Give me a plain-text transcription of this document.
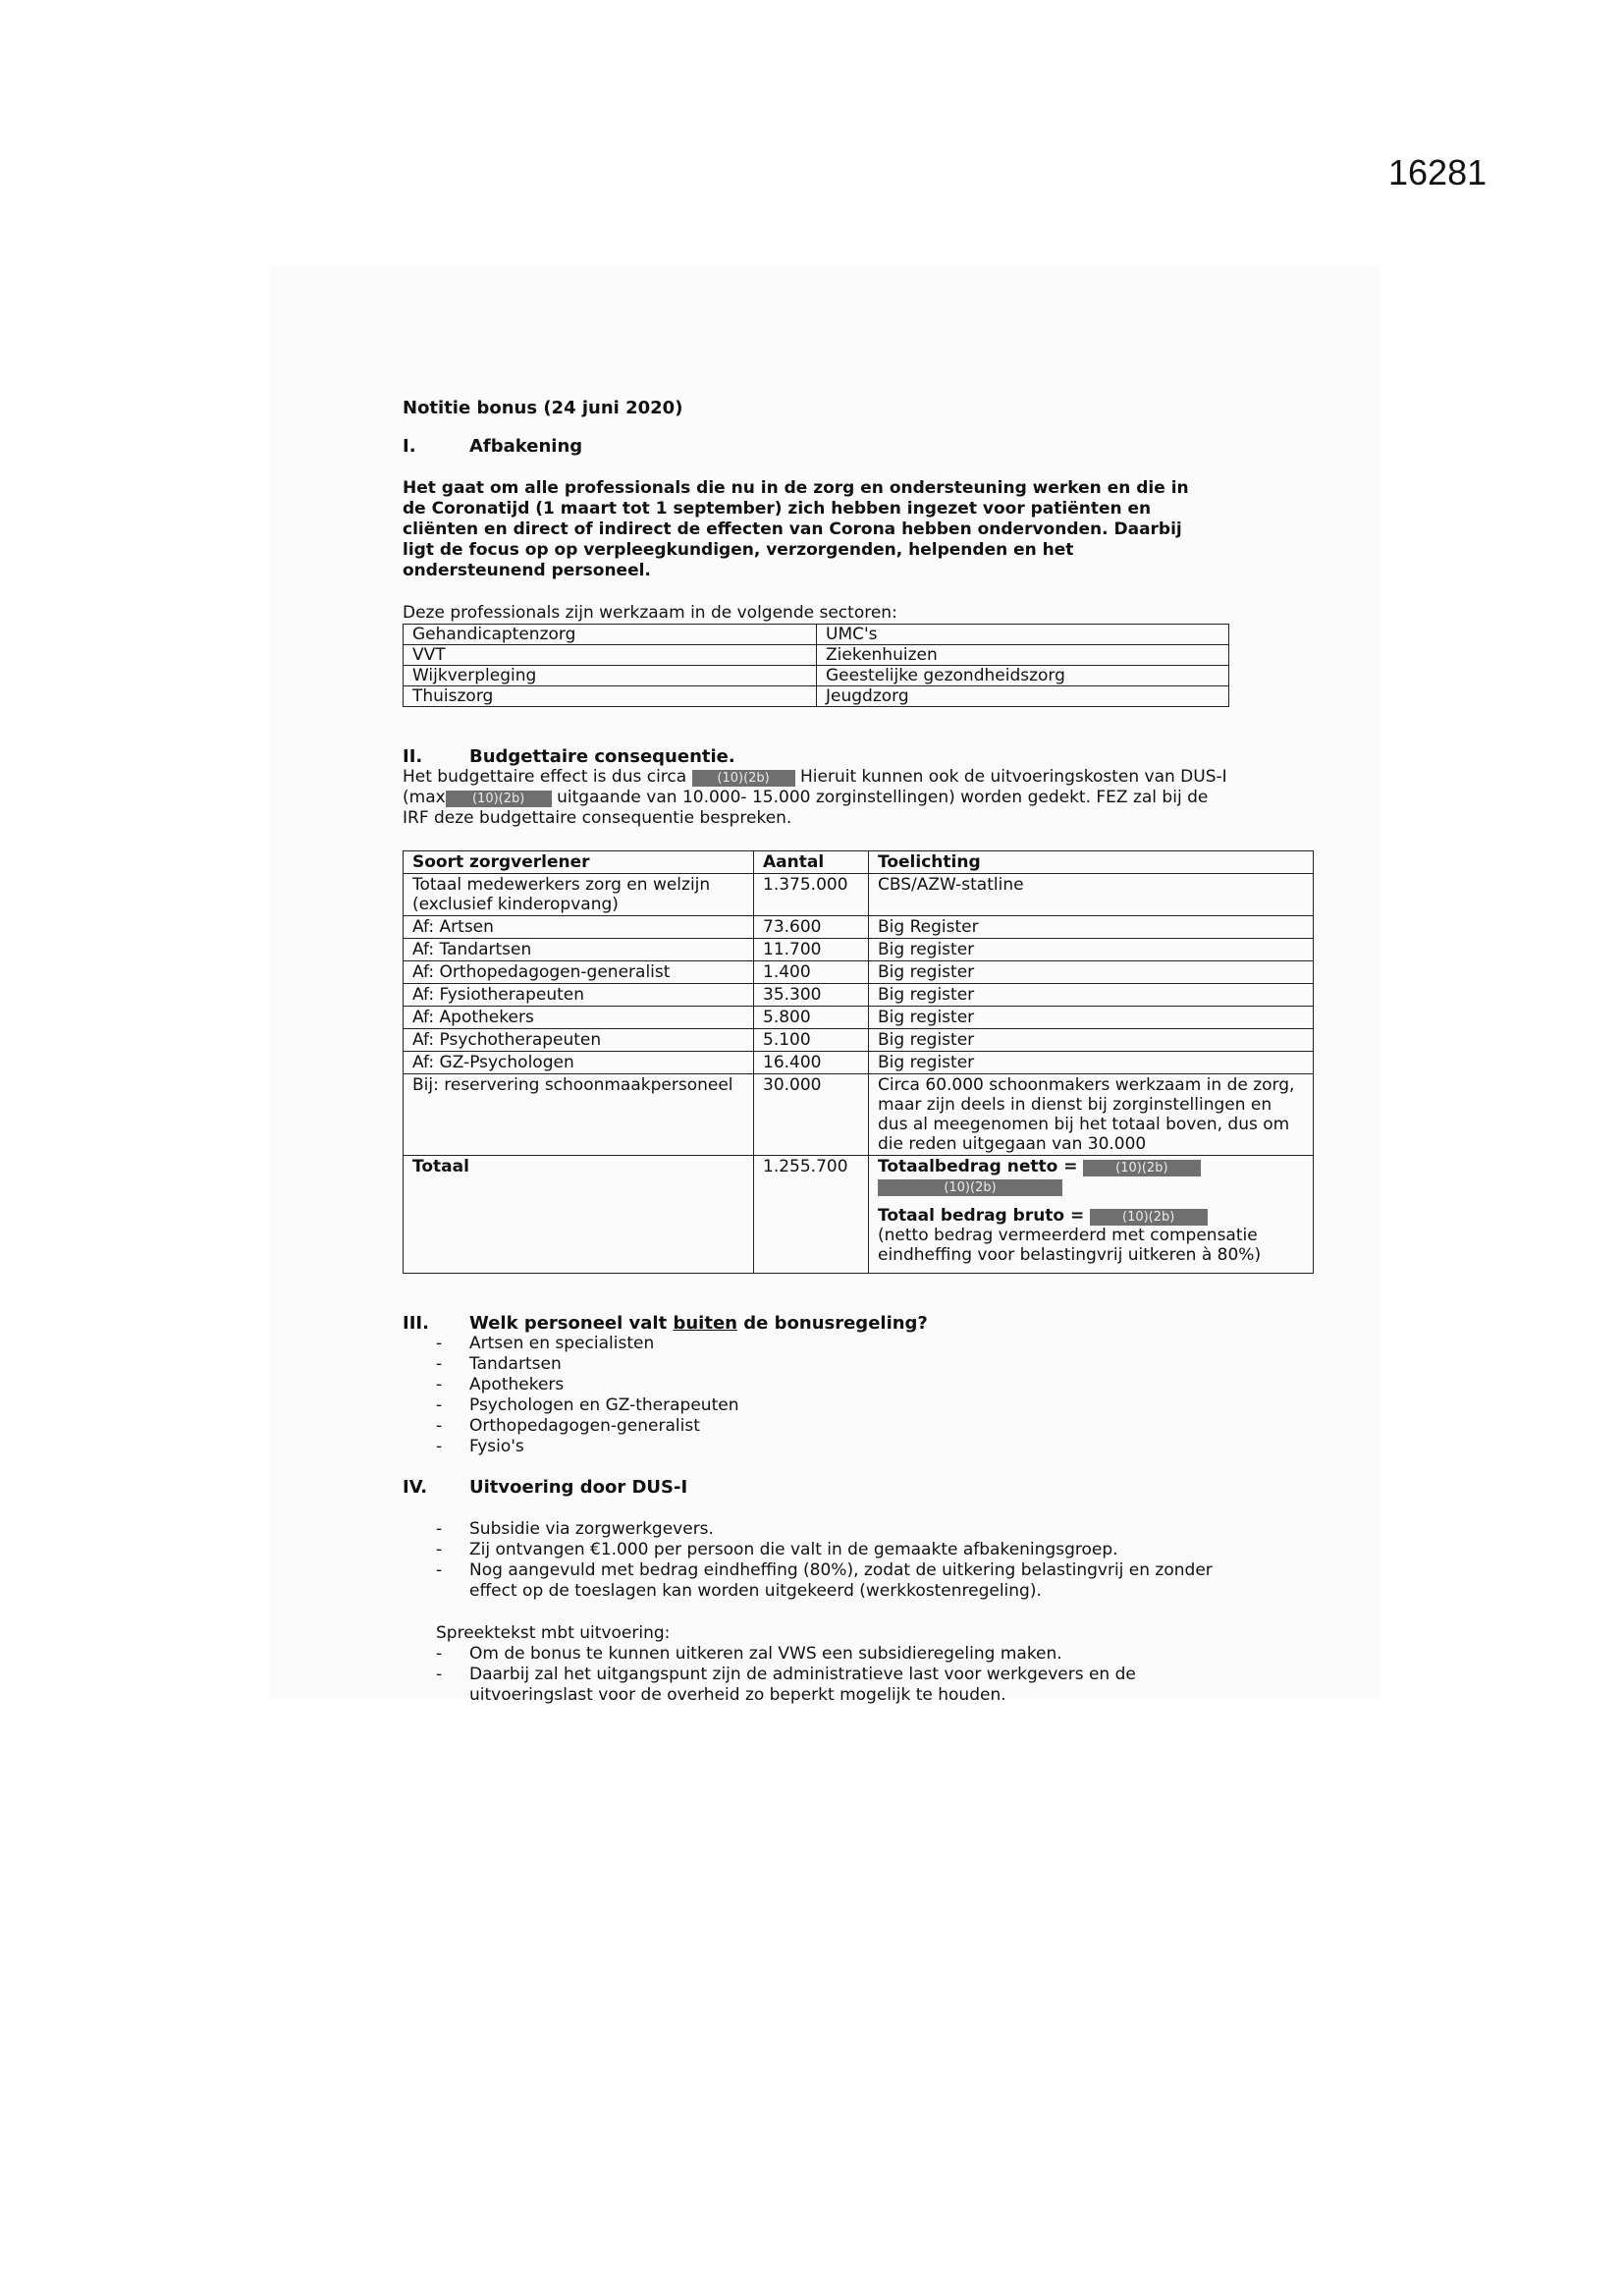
16281
Notitie bonus (24 juni 2020)
I.	Afbakening
Het gaat om alle professionals die nu in de zorg en ondersteuning werken en die in de Coronatijd (1 maart tot 1 september) zich hebben ingezet voor patiënten en cliënten en direct of indirect de effecten van Corona hebben ondervonden. Daarbij ligt de focus op op verpleegkundigen, verzorgenden, helpenden en het ondersteunend personeel.
Deze professionals zijn werkzaam in de volgende sectoren:
Gehandicaptenzorg	UMC's
VVT	Ziekenhuizen
Wijkverpleging	Geestelijke gezondheidszorg
Thuiszorg	Jeugdzorg
II.	Budgettaire consequentie.
Het budgettaire effect is dus circa (10)(2b) Hieruit kunnen ook de uitvoeringskosten van DUS-I
(max (10)(2b) uitgaande van 10.000- 15.000 zorginstellingen) worden gedekt. FEZ zal bij de
IRF deze budgettaire consequentie bespreken.
Soort zorgverlener	Aantal	Toelichting
Totaal medewerkers zorg en welzijn (exclusief kinderopvang)	1.375.000	CBS/AZW-statline
Af: Artsen	73.600	Big Register
Af: Tandartsen	11.700	Big register
Af: Orthopedagogen-generalist	1.400	Big register
Af: Fysiotherapeuten	35.300	Big register
Af: Apothekers	5.800	Big register
Af: Psychotherapeuten	5.100	Big register
Af: GZ-Psychologen	16.400	Big register
Bij: reservering schoonmaakpersoneel	30.000	Circa 60.000 schoonmakers werkzaam in de zorg, maar zijn deels in dienst bij zorginstellingen en dus al meegenomen bij het totaal boven, dus om die reden uitgegaan van 30.000
Totaal	1.255.700	Totaalbedrag netto = (10)(2b)
(10)(2b)
Totaal bedrag bruto = (10)(2b)
(netto bedrag vermeerderd met compensatie eindheffing voor belastingvrij uitkeren à 80%)
III.	Welk personeel valt buiten de bonusregeling?
-	Artsen en specialisten
-	Tandartsen
-	Apothekers
-	Psychologen en GZ-therapeuten
-	Orthopedagogen-generalist
-	Fysio's
IV.	Uitvoering door DUS-I
-	Subsidie via zorgwerkgevers.
-	Zij ontvangen €1.000 per persoon die valt in de gemaakte afbakeningsgroep.
-	Nog aangevuld met bedrag eindheffing (80%), zodat de uitkering belastingvrij en zonder effect op de toeslagen kan worden uitgekeerd (werkkostenregeling).
Spreektekst mbt uitvoering:
-	Om de bonus te kunnen uitkeren zal VWS een subsidieregeling maken.
-	Daarbij zal het uitgangspunt zijn de administratieve last voor werkgevers en de uitvoeringslast voor de overheid zo beperkt mogelijk te houden.
